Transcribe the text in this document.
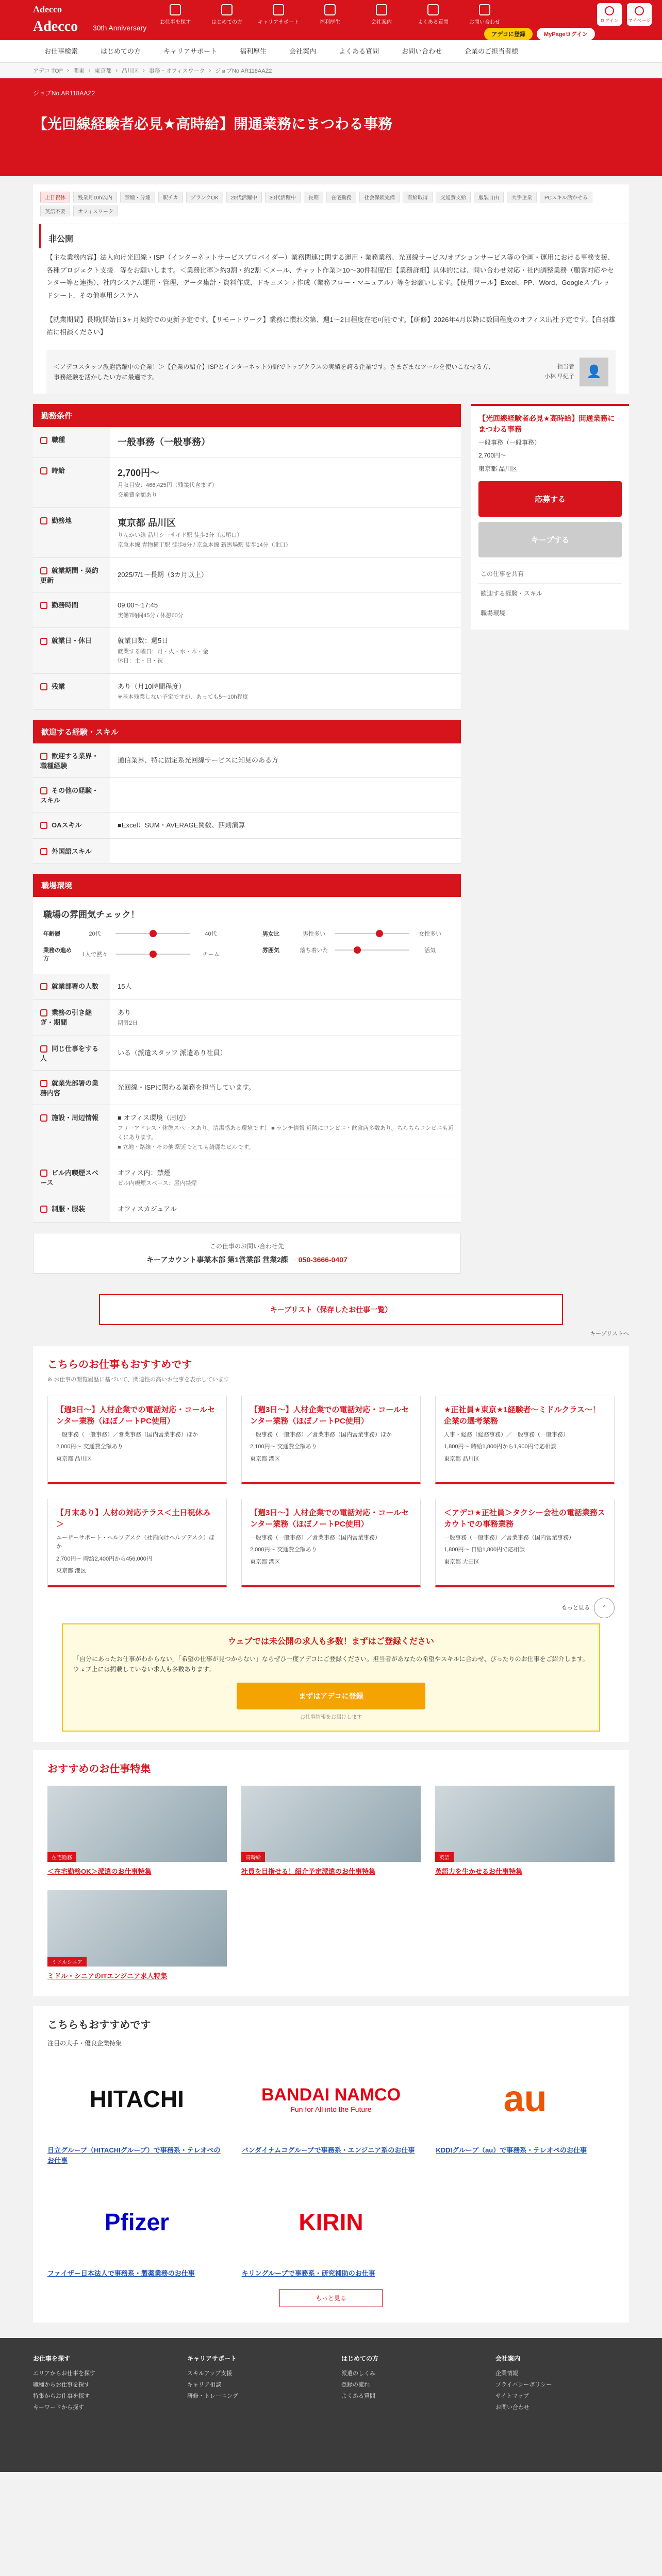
Adecco
Adecco 30th Anniversary
お仕事を探す	はじめての方	キャリアサポート	福利厚生	会社案内	よくある質問	お問い合わせ	ログイン	マイページ
アデコに登録	MyPageログイン
お仕事検索	はじめての方	キャリアサポート	福利厚生	会社案内	よくある質問	お問い合わせ	企業のご担当者様
アデコ TOP › 関東 › 東京都 › 品川区 › 事務・オフィスワーク › ジョブNo.AR118AAZ2
ジョブNo.AR118AAZ2
【光回線経験者必見★高時給】開通業務にまつわる事務
土日祝休	残業月10h以内	禁煙・分煙	駅チカ	ブランクOK	20代活躍中	30代活躍中	長期	在宅勤務	社会保険完備	有給取得	交通費支給	服装自由	大手企業	PCスキル活かせる
英語不要	オフィスワーク
非公開
【主な業務内容】法人向け光回線・ISP（インターネットサービスプロバイダー）業務関連に関する運用・業務業務、光回線サービス/オプションサービス等の企画・運用における事務支援、各種プロジェクト支援　等をお願いします。＜業務比率＞約3割・約2割 ＜メール、チャット作業＞10〜30件程度/日【業務詳細】具体的には、問い合わせ対応・社内調整業務（顧客対応やセンター等と連携）、社内システム運用・管理、データ集計・資料作成、ドキュメント作成（業務フロー・マニュアル）等をお願いします。【使用ツール】Excel、PP、Word、Googleスプレッドシート、その他専用システム
【就業期間】長期(開始日3ヶ月契約での更新予定です。【リモートワーク】業務に慣れ次第、週1〜2日程度在宅可能です。【研修】2026年4月以降に数回程度のオフィス出社予定です。【白羽雄祐に相談ください】
＜アデコスタッフ派遣活躍中の企業！＞【企業の紹介】ISPとインターネット分野でトップクラスの実績を誇る企業です。さまざまなツールを使いこなせる方、事務経験を活かしたい方に最適です。
担当者
小林 早紀子 👤
勤務条件
職種	一般事務（一般事務）

時給	2,700円〜
月収目安：466,425円（残業代含まず）
交通費全額あり

勤務地	東京都 品川区
りんかい線 品川シーサイド駅 徒歩3分（広尾口）
京急本線 青物横丁駅 徒歩6分 / 京急本線 新馬場駅 徒歩14分（北口）

就業期間・契約更新	2025/7/1〜長期（3カ月以上）

勤務時間	09:00〜17:45
実働7時間45分 / 休憩60分

就業日・休日	就業日数：週5日
就業する曜日：月・火・水・木・金
休日：土・日・祝

残業	あり（月10時間程度）
※基本残業しない予定ですが、あっても5〜10h程度
歓迎する経験・スキル
歓迎する業界・職種経験	通信業界、特に固定系光回線サービスに知見のある方

その他の経験・スキル	

OAスキル	■Excel：SUM・AVERAGE関数、四則演算

外国語スキル	
職場環境
職場の雰囲気チェック！
年齢層	20代	40代
業務の進め方
1人で黙々	チーム
男女比	男性多い	女性多い
雰囲気	落ち着いた	活気
就業部署の人数	15人

業務の引き継ぎ・期間	あり
期限2日

同じ仕事をする人	いる（派遣スタッフ 派遣あり社員）

就業先部署の業務内容	光回線・ISPに関わる業務を担当しています。

施設・周辺情報	■ オフィス環境（周辺）
フリーアドレス・休憩スペースあり。清潔感ある環境です！ ■ ランチ情報 近隣にコンビニ・飲食店多数あり。ちらちらコンビニも近くにあります。
■ 立地・路線・その他 駅近でとても綺麗なビルです。

ビル内喫煙スペース	オフィス内：禁煙
ビル内喫煙スペース：屋内禁煙

制服・服装	オフィスカジュアル
この仕事のお問い合わせ先
キーアカウント事業本部 第1営業部 営業2課 050-3666-0407
【光回線経験者必見★高時給】開通業務にまつわる事務
一般事務（一般事務）
2,700円〜
東京都 品川区
応募する
キープする
この仕事を共有
歓迎する経験・スキル
職場環境
キープリスト（保存したお仕事一覧）
キープリストへ
こちらのお仕事もおすすめです
※ お仕事の閲覧履歴に基づいて、関連性の高いお仕事を表示しています
【週3日〜】人材企業での電話対応・コールセンター業務（ほぼノートPC使用）
一般事務（一般事務）／営業事務（国内営業事務）ほか
2,000円〜 交通費全額あり
東京都 品川区
【週3日〜】人材企業での電話対応・コールセンター業務（ほぼノートPC使用）
一般事務（一般事務）／営業事務（国内営業事務）ほか
2,100円〜 交通費全額あり
東京都 港区
★正社員★東京★1経験者〜ミドルクラス〜！企業の選考業務
人事・総務（総務事務）／一般事務（一般事務）
1,800円〜 時給1,800円から1,900円で応相談
東京都 品川区
【月末あり】人材の対応テラス＜土日祝休み＞
ユーザーサポート・ヘルプデスク（社内向けヘルプデスク）ほか
2,700円〜 時給2,400円から456,000円
東京都 港区
【週3日〜】人材企業での電話対応・コールセンター業務（ほぼノートPC使用）
一般事務（一般事務）／営業事務（国内営業事務）
2,000円〜 交通費全額あり
東京都 港区
＜アデコ★正社員＞タクシー会社の電話業務スカウトでの事務業務
一般事務（一般事務）／営業事務（国内営業事務）
1,800円〜 日給1,800円で応相談
東京都 大田区
もっと見る ⌃
ウェブでは未公開の求人も多数！まずはご登録ください
「自分にあったお仕事がわからない」「希望の仕事が見つからない」ならぜひ一度アデコにご登録ください。担当者があなたの希望やスキルに合わせ、ぴったりのお仕事をご紹介します。ウェブ上には掲載していない求人も多数あります。
まずはアデコに登録
お仕事情報をお届けします
おすすめのお仕事特集
在宅勤務
＜在宅勤務OK＞派遣のお仕事特集
高時給
社員を目指せる！紹介予定派遣のお仕事特集
英語
英語力を生かせるお仕事特集
ミドルシニア
ミドル・シニアのITエンジニア求人特集
こちらもおすすめです
注目の大手・優良企業特集
HITACHI
日立グループ（HITACHIグループ）で事務系・テレオペのお仕事
BANDAI NAMCO
Fun for All into the Future
バンダイナムコグループで事務系・エンジニア系のお仕事
au
KDDIグループ（au）で事務系・テレオペのお仕事
Pfizer
ファイザー日本法人で事務系・製薬業務のお仕事
KIRIN
キリングループで事務系・研究補助のお仕事
もっと見る
お仕事を探す
エリアからお仕事を探す
職種からお仕事を探す
特集からお仕事を探す
キーワードから探す
キャリアサポート
スキルアップ支援
キャリア相談
研修・トレーニング
はじめての方
派遣のしくみ
登録の流れ
よくある質問
会社案内
企業情報
プライバシーポリシー
サイトマップ
お問い合わせ
